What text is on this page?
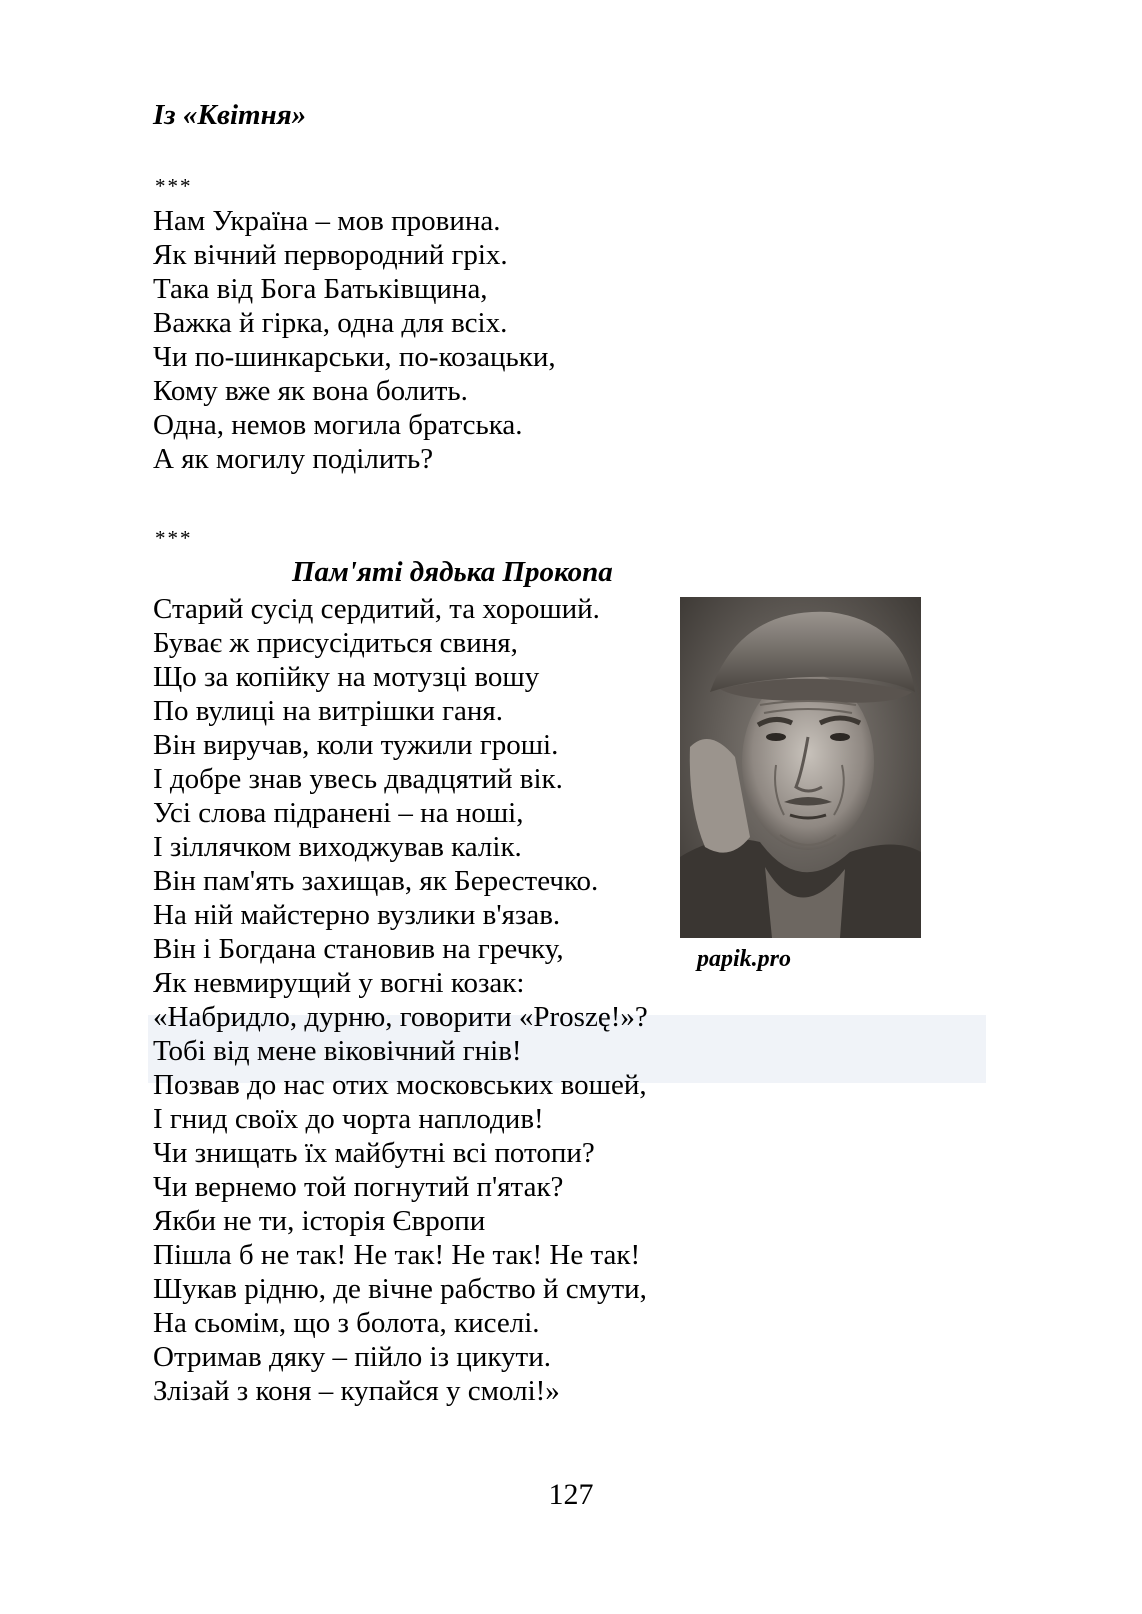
Із «Квітня»
***
Нам Україна – мов провина.
Як вічний первородний гріх.
Така від Бога Батьківщина,
Важка й гірка, одна для всіх.
Чи по-шинкарськи, по-козацьки,
Кому вже як вона болить.
Одна, немов могила братська.
А як могилу поділить?
***
Пам'яті дядька Прокопа
Старий сусід сердитий, та хороший.
Буває ж присусідиться свиня,
Що за копійку на мотузці вошу
По вулиці на витрішки ганя.
Він виручав, коли тужили гроші.
І добре знав увесь двадцятий вік.
Усі слова підранені – на ноші,
І зіллячком виходжував калік.
Він пам'ять захищав, як Берестечко.
На ній майстерно вузлики в'язав.
Він і Богдана становив на гречку,
Як невмирущий у вогні козак:
«Набридло, дурню, говорити «Proszę!»?
Тобі від мене віковічний гнів!
Позвав до нас отих московських вошей,
І гнид своїх до чорта наплодив!
Чи знищать їх майбутні всі потопи?
Чи вернемо той погнутий п'ятак?
Якби не ти, історія Європи
Пішла б не так! Не так! Не так! Не так!
Шукав рідню, де вічне рабство й смути,
На сьомім, що з болота, киселі.
Отримав дяку – пійло із цикути.
Злізай з коня – купайся у смолі!»
papik.pro
127
